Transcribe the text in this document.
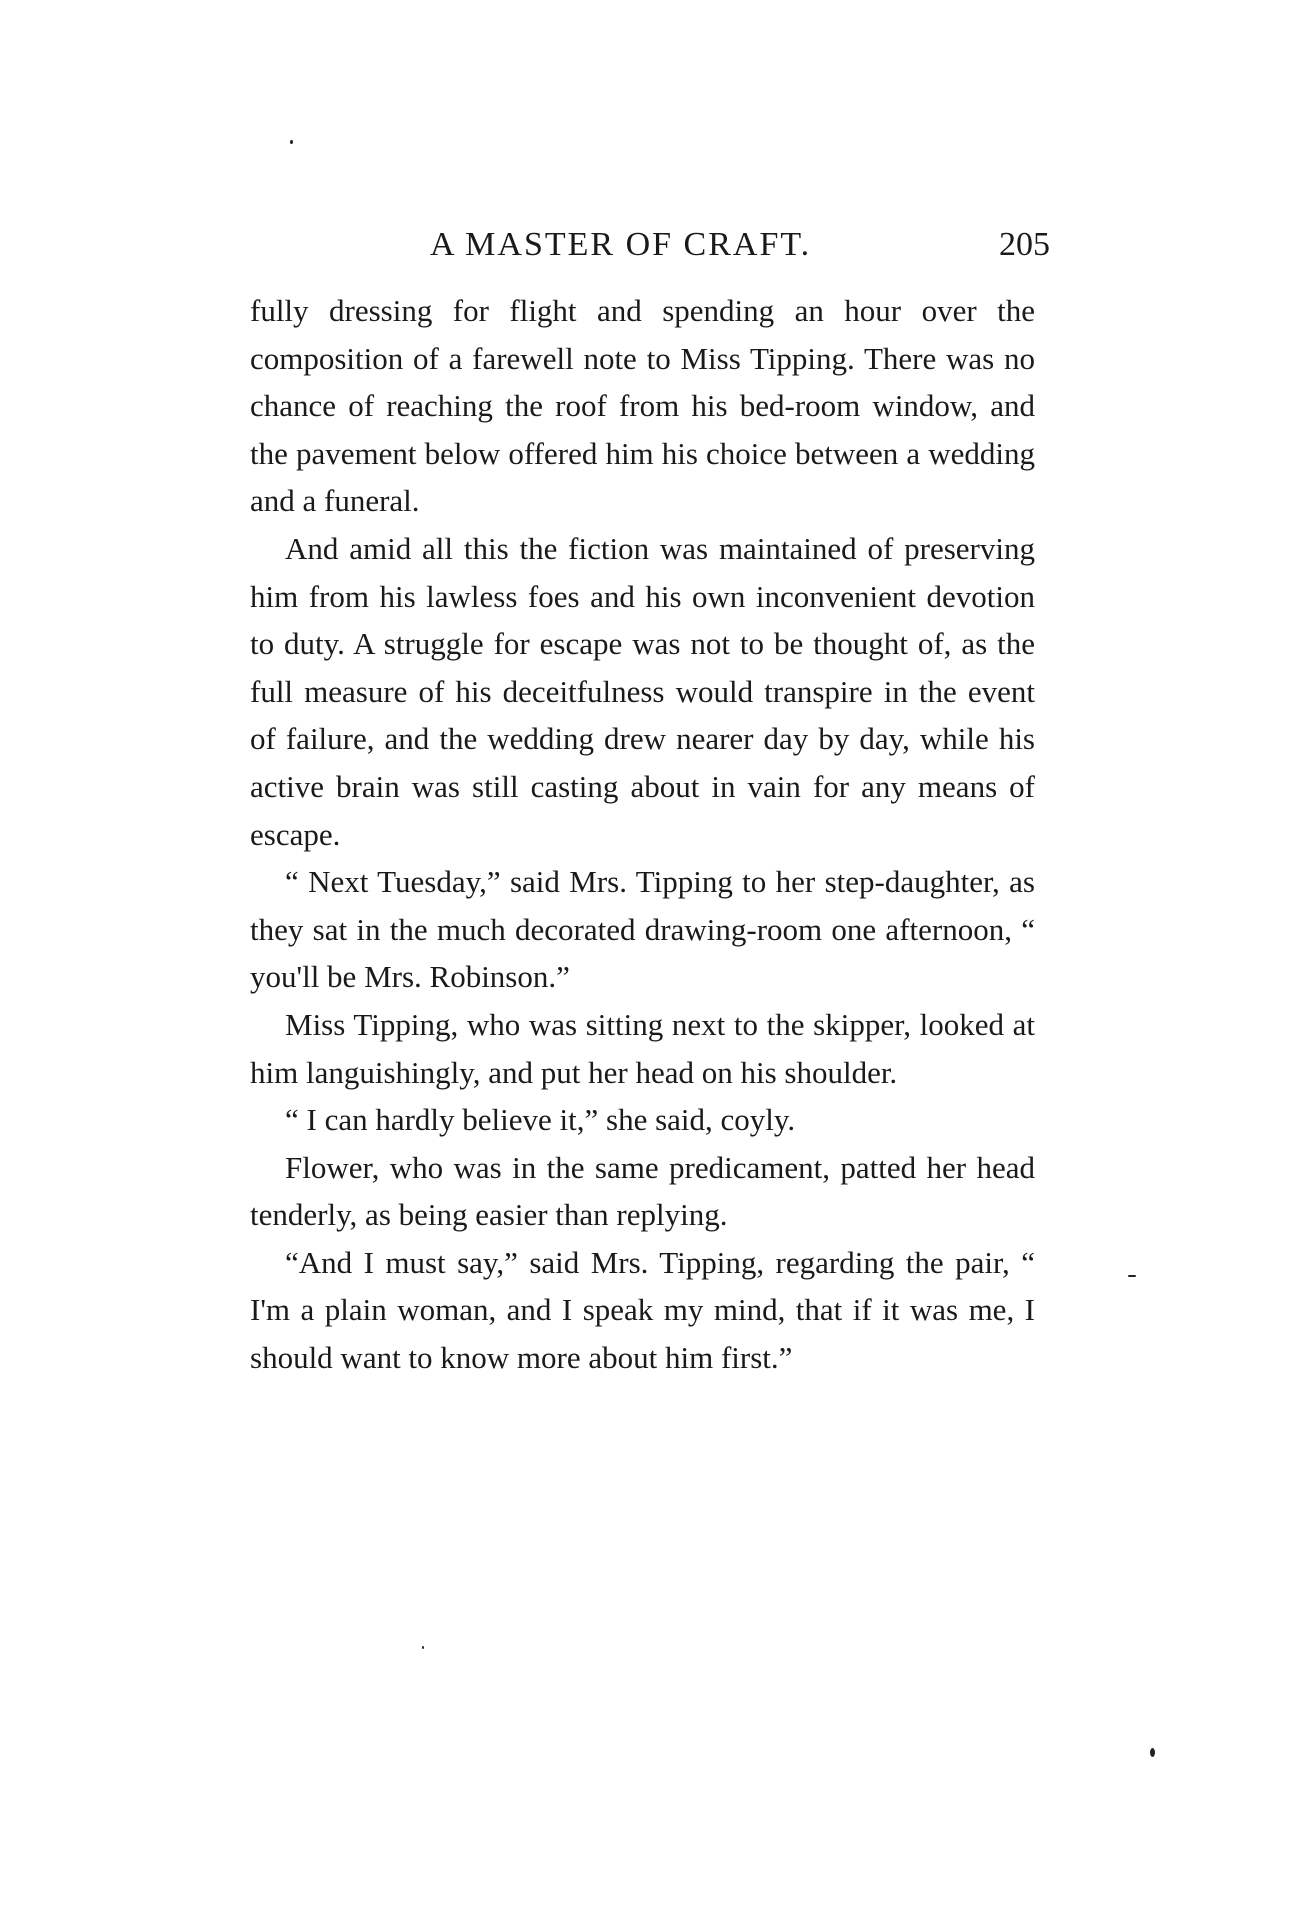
A MASTER OF CRAFT.	205

fully dressing for flight and spending an hour over the composition of a farewell note to Miss Tipping. There was no chance of reaching the roof from his bed-room window, and the pavement below offered him his choice between a wedding and a funeral.

And amid all this the fiction was maintained of preserving him from his lawless foes and his own inconvenient devotion to duty. A struggle for escape was not to be thought of, as the full measure of his deceitfulness would transpire in the event of failure, and the wedding drew nearer day by day, while his active brain was still casting about in vain for any means of escape.

“ Next Tuesday,” said Mrs. Tipping to her step-daughter, as they sat in the much decorated drawing-room one afternoon, “ you'll be Mrs. Robinson.”

Miss Tipping, who was sitting next to the skipper, looked at him languishingly, and put her head on his shoulder.

“ I can hardly believe it,” she said, coyly.

Flower, who was in the same predicament, patted her head tenderly, as being easier than replying.

“And I must say,” said Mrs. Tipping, regarding the pair, “ I'm a plain woman, and I speak my mind, that if it was me, I should want to know more about him first.”
